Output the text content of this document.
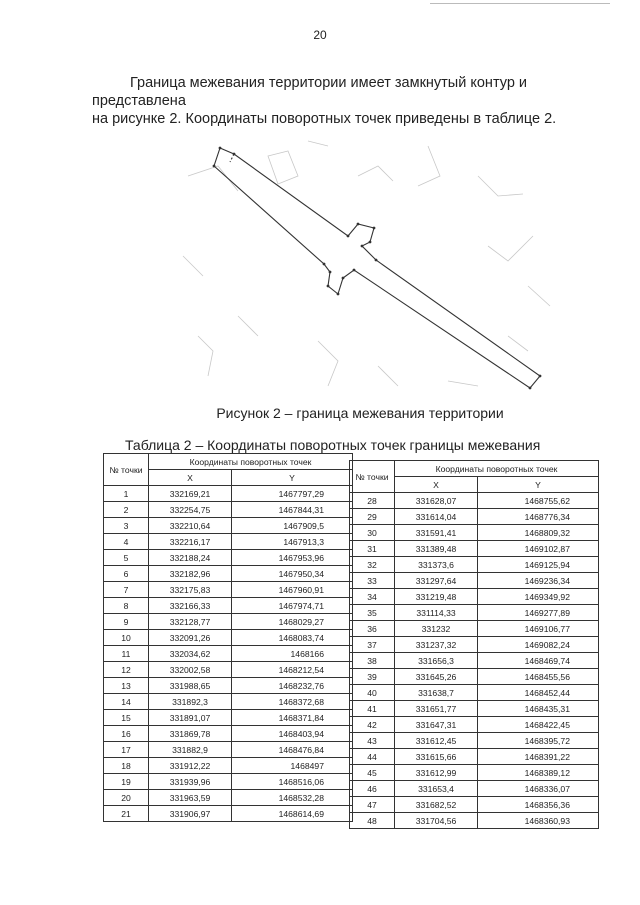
20
Граница межевания территории имеет замкнутый контур и представлена
на рисунке 2. Координаты поворотных точек приведены в таблице 2.
Рисунок 2 – граница межевания территории
Таблица 2 – Координаты поворотных точек границы межевания
№ точки	Координаты поворотных точек	
	X	Y
1	332169,21	1467797,29
2	332254,75	1467844,31
3	332210,64	1467909,5
4	332216,17	1467913,3
5	332188,24	1467953,96
6	332182,96	1467950,34
7	332175,83	1467960,91
8	332166,33	1467974,71
9	332128,77	1468029,27
10	332091,26	1468083,74
11	332034,62	1468166
12	332002,58	1468212,54
13	331988,65	1468232,76
14	331892,3	1468372,68
15	331891,07	1468371,84
16	331869,78	1468403,94
17	331882,9	1468476,84
18	331912,22	1468497
19	331939,96	1468516,06
20	331963,59	1468532,28
21	331906,97	1468614,69
№ точки	Координаты поворотных точек	
	X	Y
28	331628,07	1468755,62
29	331614,04	1468776,34
30	331591,41	1468809,32
31	331389,48	1469102,87
32	331373,6	1469125,94
33	331297,64	1469236,34
34	331219,48	1469349,92
35	331114,33	1469277,89
36	331232	1469106,77
37	331237,32	1469082,24
38	331656,3	1468469,74
39	331645,26	1468455,56
40	331638,7	1468452,44
41	331651,77	1468435,31
42	331647,31	1468422,45
43	331612,45	1468395,72
44	331615,66	1468391,22
45	331612,99	1468389,12
46	331653,4	1468336,07
47	331682,52	1468356,36
48	331704,56	1468360,93
